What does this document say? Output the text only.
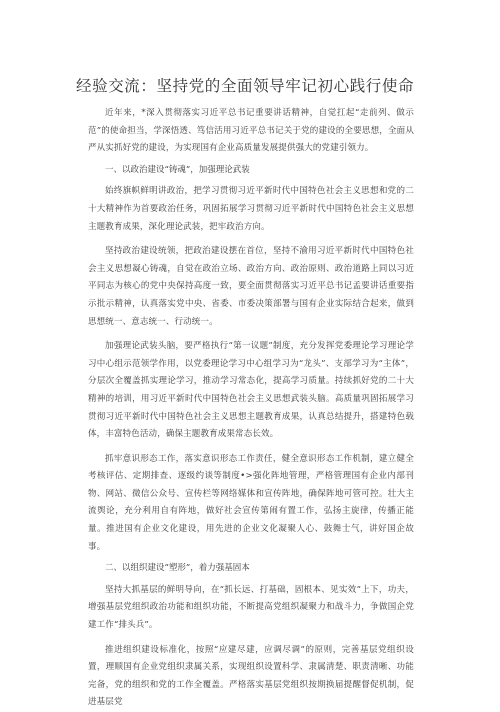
经验交流：坚持党的全面领导牢记初心践行使命

近年来，*深入贯彻落实习近平总书记重要讲话精神，自觉扛起“走前列、做示范”的使命担当，学深悟透、笃信活用习近平总书记关于党的建设的全要思想，全面从严从实抓好党的建设，为实现国有企业高质量发展提供强大的党建引领力。

一、以政治建设“铸魂”，加强理论武装

始终旗帜鲜明讲政治，把学习贯彻习近平新时代中国特色社会主义思想和党的二十大精神作为首要政治任务，巩固拓展学习贯彻习近平新时代中国特色社会主义思想主题教育成果，深化理论武装，把牢政治方向。

坚持政治建设统领，把政治建设摆在首位，坚持不渝用习近平新时代中国特色社会主义思想凝心铸魂，自觉在政治立场、政治方向、政治原则、政治道路上同以习近平同志为核心的党中央保持高度一致，要全面贯彻落实习近平总书记孟要讲话重要指示批示精神，认真落实党中央、省委、市委决策部署与国有企业实际结合起来，做到思想统一、意志统一、行动统一。

加强理论武装头脑，要严格执行“第一议题”制度，充分发挥党委理论学习理论学习中心组示范领学作用，以党委理论学习中心组学习为“龙头”、支部学习为“主体”，分层次全覆盖抓实理论学习，推动学习常态化，提高学习质量。持续抓好党的二十大精神的培训，用习近平新时代中国特色社会主义思想武装头脑。高质量巩固拓展学习贯彻习近平新时代中国特色社会主义思想主题教育成果，认真总结提升，搭建特色载体，丰富特色活动，确保主题教育成果常态长效。

抓牢意识形态工作，落实意识形态工作责任，健全意识形态工作机制，建立健全考核评估、定期排查、逐级约谈等制度•>强化阵地管理，严格管理国有企业内部刊物、网站、微信公众号、宣传栏等网络媒体和宣传阵地，确保阵地可管可控。壮大主流舆论，充分利用自有阵地，做好社会宣传第闹有置工作，弘扬主旋律，传播正能量。推进国有企业文化建设，用先进的企业文化凝聚人心、鼓舞士气，讲好国企故事。

二、以组织建设“塑形”，着力强基固本

坚持大抓基层的鲜明导向，在“抓长远、打基础，固根本、见实效”上下，功夫，增强基层党组织政治功能和组织功能，不断提高党组织凝聚力和战斗力，争做国企党建工作“排头兵”。

推进组织建设标准化，按照“应建尽建，应调尽调”的原则，完善基层党组织设置，理顺国有企业党组织隶属关系，实现组织设置科学、隶属清楚、职责清晰、功能完备，党的组织和党的工作全覆盖。严格落实基层党组织按期换届提醒督促机制，促进基层党
